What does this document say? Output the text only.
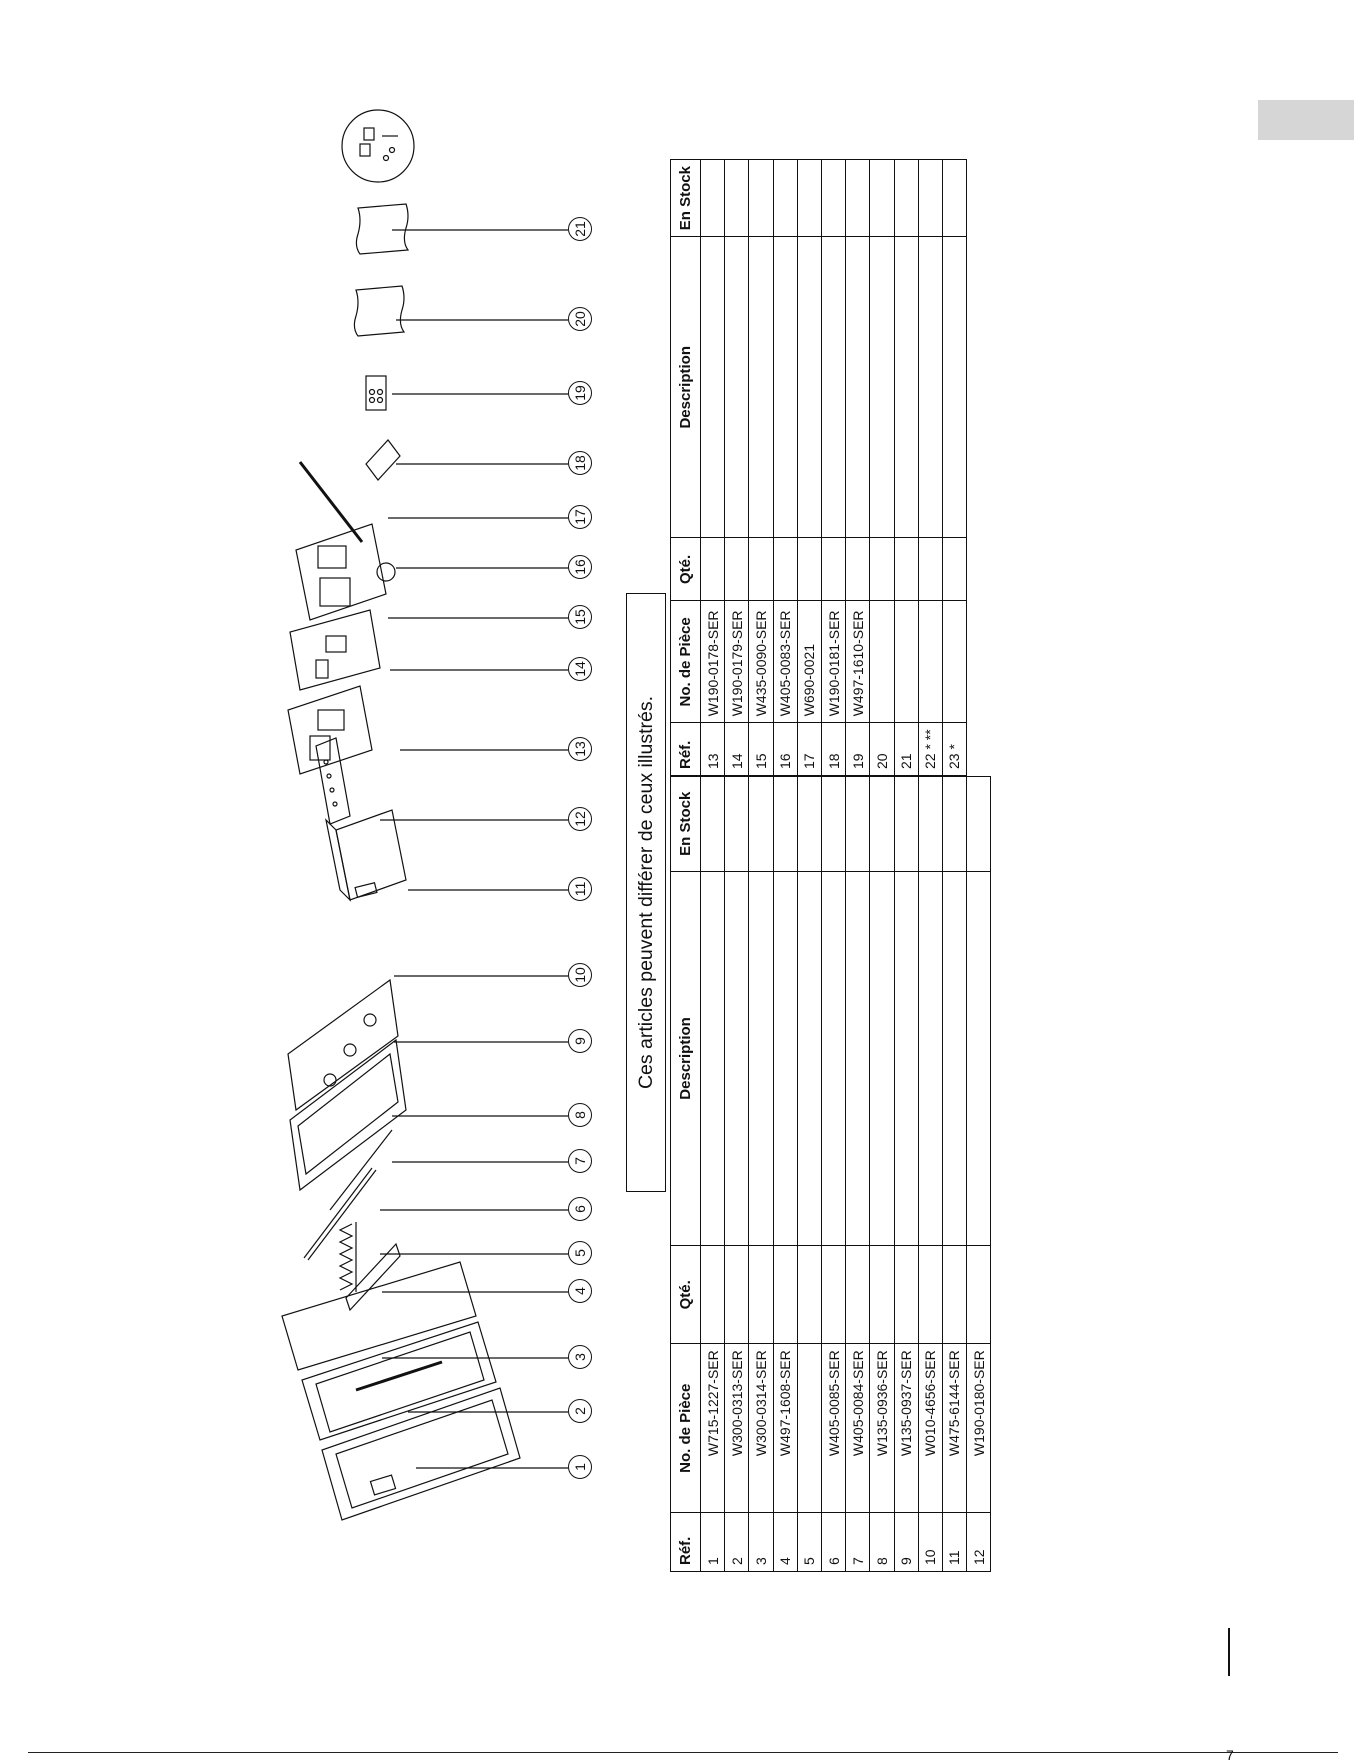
7
1
2
3
4
5
6
7
8
9
10
11
12
13
14
15
16
17
18
19
20
21
Ces articles peuvent différer de ceux illustrés.
Réf.	No. de Pièce	Qté.	Description	En Stock
1	W715-1227-SER			
2	W300-0313-SER			
3	W300-0314-SER			
4	W497-1608-SER			
5				
6	W405-0085-SER			
7	W405-0084-SER			
8	W135-0936-SER			
9	W135-0937-SER			
10	W010-4656-SER			
11	W475-6144-SER			
12	W190-0180-SER			
Réf.	No. de Pièce	Qté.	Description	En Stock
13	W190-0178-SER			
14	W190-0179-SER			
15	W435-0090-SER			
16	W405-0083-SER			
17	W690-0021			
18	W190-0181-SER			
19	W497-1610-SER			
20				
21				
22 * **				
23 *				
